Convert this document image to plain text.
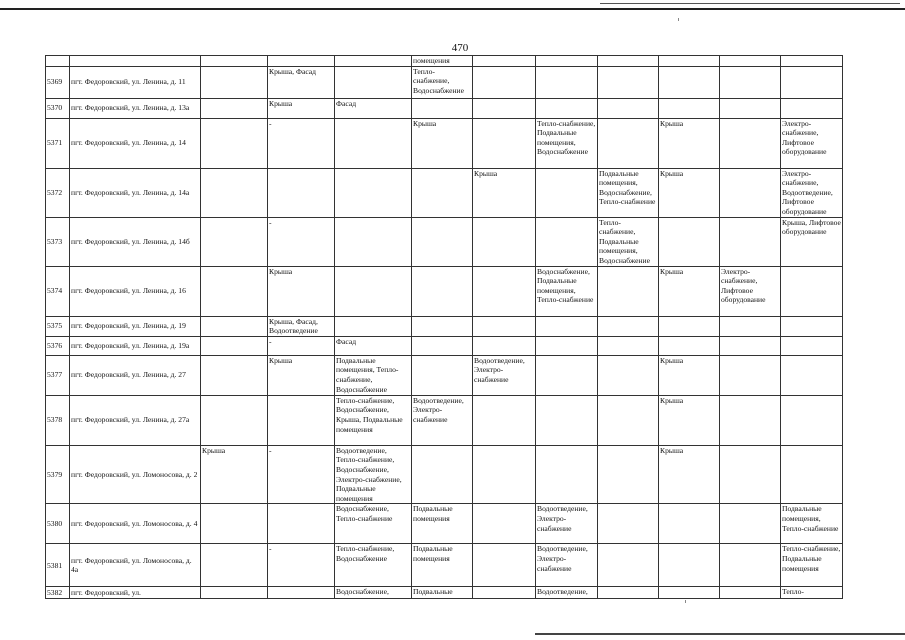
470
					помещения						
5369	пгт. Федоровский, ул. Ленина, д. 11		Крыша, Фасад		Тепло-снабжение, Водоснабжение						
5370	пгт. Федоровский, ул. Ленина, д. 13а		Крыша	Фасад							
5371	пгт. Федоровский, ул. Ленина, д. 14		-		Крыша		Тепло-снабжение, Подвальные помещения, Водоснабжение		Крыша		Электро-снабжение, Лифтовое оборудование
5372	пгт. Федоровский, ул. Ленина, д. 14а					Крыша		Подвальные помещения, Водоснабжение, Тепло-снабжение	Крыша		Электро-снабжение, Водоотведение, Лифтовое оборудование
5373	пгт. Федоровский, ул. Ленина, д. 14б		-					Тепло-снабжение, Подвальные помещения, Водоснабжение			Крыша, Лифтовое оборудование
5374	пгт. Федоровский, ул. Ленина, д. 16		Крыша				Водоснабжение, Подвальные помещения, Тепло-снабжение		Крыша	Электро-снабжение, Лифтовое оборудование	
5375	пгт. Федоровский, ул. Ленина, д. 19		Крыша, Фасад, Водоотведение								
5376	пгт. Федоровский, ул. Ленина, д. 19а		-	Фасад							
5377	пгт. Федоровский, ул. Ленина, д. 27		Крыша	Подвальные помещения, Тепло-снабжение, Водоснабжение		Водоотведение, Электро-снабжение			Крыша		
5378	пгт. Федоровский, ул. Ленина, д. 27а			Тепло-снабжение, Водоснабжение, Крыша, Подвальные помещения	Водоотведение, Электро-снабжение				Крыша		
5379	пгт. Федоровский, ул. Ломоносова, д. 2	Крыша	-	Водоотведение, Тепло-снабжение, Водоснабжение, Электро-снабжение, Подвальные помещения					Крыша		
5380	пгт. Федоровский, ул. Ломоносова, д. 4			Водоснабжение, Тепло-снабжение	Подвальные помещения		Водоотведение, Электро-снабжение				Подвальные помещения, Тепло-снабжение
5381	пгт. Федоровский, ул. Ломоносова, д. 4а		-	Тепло-снабжение, Водоснабжение	Подвальные помещения		Водоотведение, Электро-снабжение				Тепло-снабжение, Подвальные помещения
5382	пгт. Федоровский, ул.			Водоснабжение,	Подвальные		Водоотведение,				Тепло-
